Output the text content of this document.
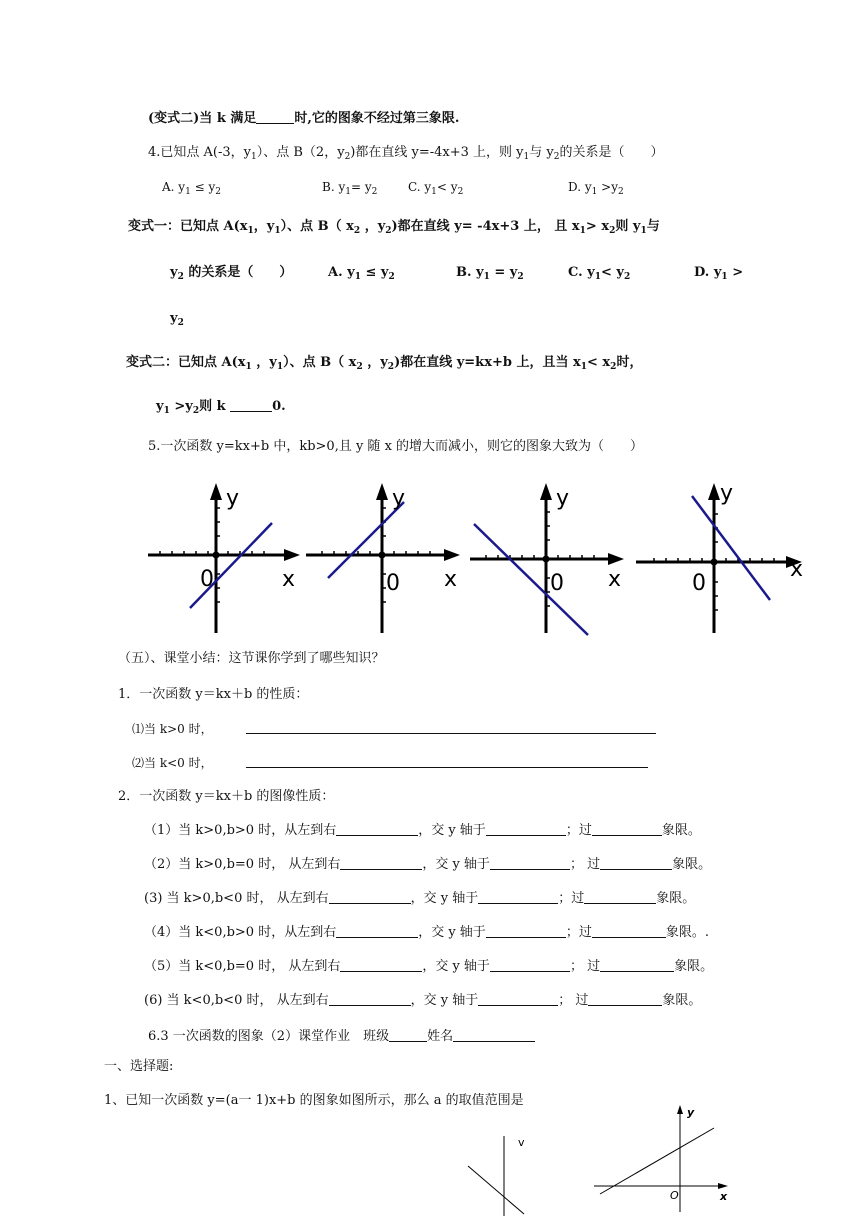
(变式二)当 k 满足	时,它的图象不经过第三象限.
4.已知点 A(-3，$y_1$）、点 B（2，$y_2$)都在直线 y=-4x+3 上，则 $y_1$与 $y_2$的关系是（　　）
A. $y_1 \le y_2$	B. $y_1= y_2$	C. $y_1< y_2$	D. $y_1 >y_2$
变式一：已知点 $A(x_1$，$y_1$）、点 B（ $x_2$ ，$y_2$)都在直线 y= -4x+3 上， 且 $x_1> x_2$则 $y_1$与
$y_2$ 的关系是（　　）	A. $y_1 \le y_2$	B. $y_1 = y_2$	C. $y_1< y_2$	D. $y_1$ >
$y_2$
变式二：已知点 $A(x_1$ ，$y_1$）、点 B（ $x_2$ ，$y_2$)都在直线 y=kx+b 上，且当 $x_1< x_2$时，
$y_1 >y_2$则 k	0.
5.一次函数 y=kx+b 中，kb>0,且 y 随 x 的增大而减小，则它的图象大致为（　　）
y
x
0
y
x
0
y
x
0
y
x
0
（五）、课堂小结：这节课你学到了哪些知识？
1．一次函数 y＝kx＋b 的性质：
⑴当 k>0 时，
⑵当 k<0 时，
2．一次函数 y＝kx＋b 的图像性质：
（1）当 k>0,b>0 时，从左到右	，交 y 轴于	；过	象限。
（2）当 k>0,b=0 时， 从左到右	，交 y 轴于	； 过	象限。
(3) 当 k>0,b<0 时， 从左到右	，交 y 轴于	；过	象限。
（4）当 k<0,b>0 时，从左到右	，交 y 轴于	；过	象限。.
（5）当 k<0,b=0 时， 从左到右	，交 y 轴于	； 过	象限。
(6) 当 k<0,b<0 时， 从左到右	，交 y 轴于	； 过	象限。
6.3 一次函数的图象（2）课堂作业　班级	姓名
一、选择题:
1、已知一次函数 y=(a一 1)x+b 的图象如图所示，那么 a 的取值范围是
v
y
O	x
